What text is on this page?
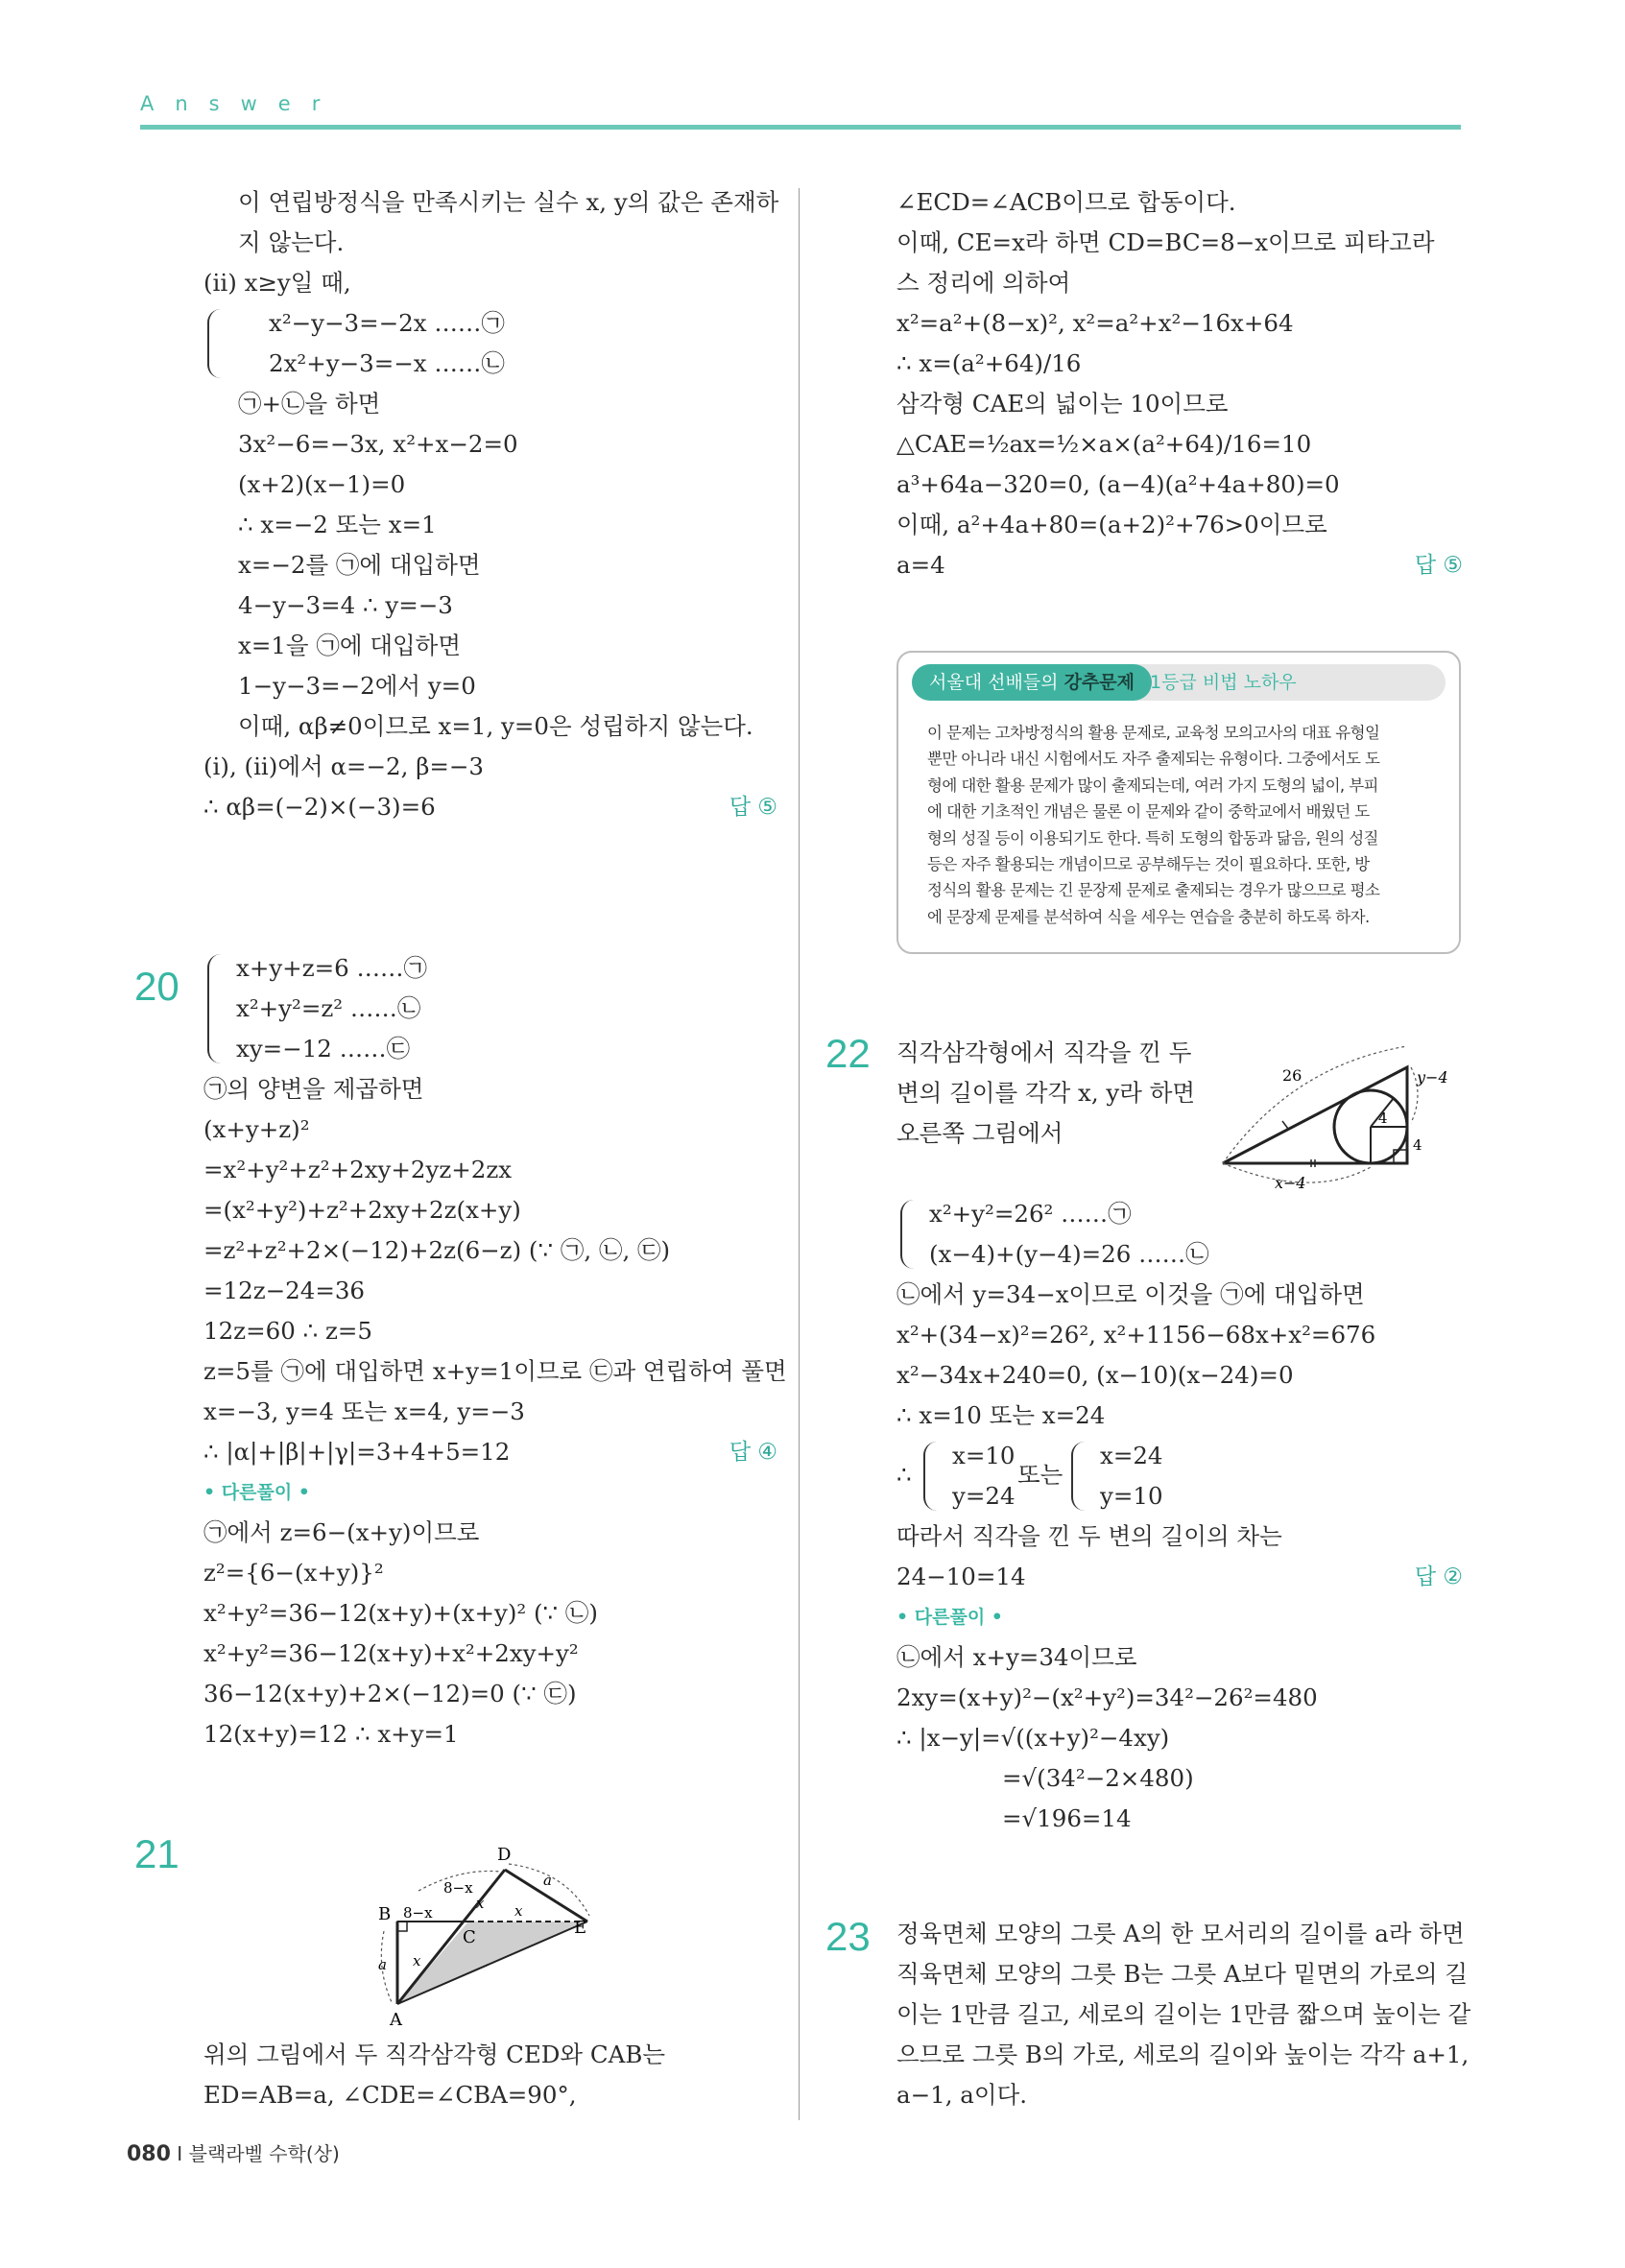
Answer
이 연립방정식을 만족시키는 실수 x, y의 값은 존재하
지 않는다.
(ii) x≥y일 때,
x²−y−3=−2x ……㉠
2x²+y−3=−x ……㉡
㉠+㉡을 하면
3x²−6=−3x, x²+x−2=0
(x+2)(x−1)=0
∴ x=−2 또는 x=1
x=−2를 ㉠에 대입하면
4−y−3=4 ∴ y=−3
x=1을 ㉠에 대입하면
1−y−3=−2에서 y=0
이때, αβ≠0이므로 x=1, y=0은 성립하지 않는다.
(i), (ii)에서 α=−2, β=−3
∴ αβ=(−2)×(−3)=6	답 ⑤
x+y+z=6 ……㉠
x²+y²=z² ……㉡
xy=−12 ……㉢
㉠의 양변을 제곱하면
(x+y+z)²
=x²+y²+z²+2xy+2yz+2zx
=(x²+y²)+z²+2xy+2z(x+y)
=z²+z²+2×(−12)+2z(6−z) (∵ ㉠, ㉡, ㉢)
=12z−24=36
12z=60 ∴ z=5
z=5를 ㉠에 대입하면 x+y=1이므로 ㉢과 연립하여 풀면
x=−3, y=4 또는 x=4, y=−3
∴ |α|+|β|+|γ|=3+4+5=12	답 ④
• 다른풀이 •
㉠에서 z=6−(x+y)이므로
z²={6−(x+y)}²
x²+y²=36−12(x+y)+(x+y)² (∵ ㉡)
x²+y²=36−12(x+y)+x²+2xy+y²
36−12(x+y)+2×(−12)=0 (∵ ㉢)
12(x+y)=12 ∴ x+y=1
20
21
22
23
D
B
C	E
A
8−x
8−x	a
a
x
x
x
위의 그림에서 두 직각삼각형 CED와 CAB는
ED=AB=a, ∠CDE=∠CBA=90°,
∠ECD=∠ACB이므로 합동이다.
이때, CE=x라 하면 CD=BC=8−x이므로 피타고라
스 정리에 의하여
x²=a²+(8−x)², x²=a²+x²−16x+64
∴ x=(a²+64)/16
삼각형 CAE의 넓이는 10이므로
△CAE=½ax=½×a×(a²+64)/16=10
a³+64a−320=0, (a−4)(a²+4a+80)=0
이때, a²+4a+80=(a+2)²+76>0이므로
a=4	답 ⑤
서울대 선배들의 강추문제 1등급 비법 노하우
이 문제는 고차방정식의 활용 문제로, 교육청 모의고사의 대표 유형일
뿐만 아니라 내신 시험에서도 자주 출제되는 유형이다. 그중에서도 도
형에 대한 활용 문제가 많이 출제되는데, 여러 가지 도형의 넓이, 부피
에 대한 기초적인 개념은 물론 이 문제와 같이 중학교에서 배웠던 도
형의 성질 등이 이용되기도 한다. 특히 도형의 합동과 닮음, 원의 성질
등은 자주 활용되는 개념이므로 공부해두는 것이 필요하다. 또한, 방
정식의 활용 문제는 긴 문장제 문제로 출제되는 경우가 많으므로 평소
에 문장제 문제를 분석하여 식을 세우는 연습을 충분히 하도록 하자.
직각삼각형에서 직각을 낀 두
변의 길이를 각각 x, y라 하면
오른쪽 그림에서
26	y−4
x−4
4
4
x²+y²=26² ……㉠
(x−4)+(y−4)=26 ……㉡
㉡에서 y=34−x이므로 이것을 ㉠에 대입하면
x²+(34−x)²=26², x²+1156−68x+x²=676
x²−34x+240=0, (x−10)(x−24)=0
∴ x=10 또는 x=24
∴
x=10
y=24
또는
x=24
y=10
따라서 직각을 낀 두 변의 길이의 차는
24−10=14	답 ②
• 다른풀이 •
㉡에서 x+y=34이므로
2xy=(x+y)²−(x²+y²)=34²−26²=480
∴ |x−y|=√((x+y)²−4xy)
=√(34²−2×480)
=√196=14
정육면체 모양의 그릇 A의 한 모서리의 길이를 a라 하면
직육면체 모양의 그릇 B는 그릇 A보다 밑면의 가로의 길
이는 1만큼 길고, 세로의 길이는 1만큼 짧으며 높이는 같
으므로 그릇 B의 가로, 세로의 길이와 높이는 각각 a+1,
a−1, a이다.
080 I 블랙라벨 수학(상)
